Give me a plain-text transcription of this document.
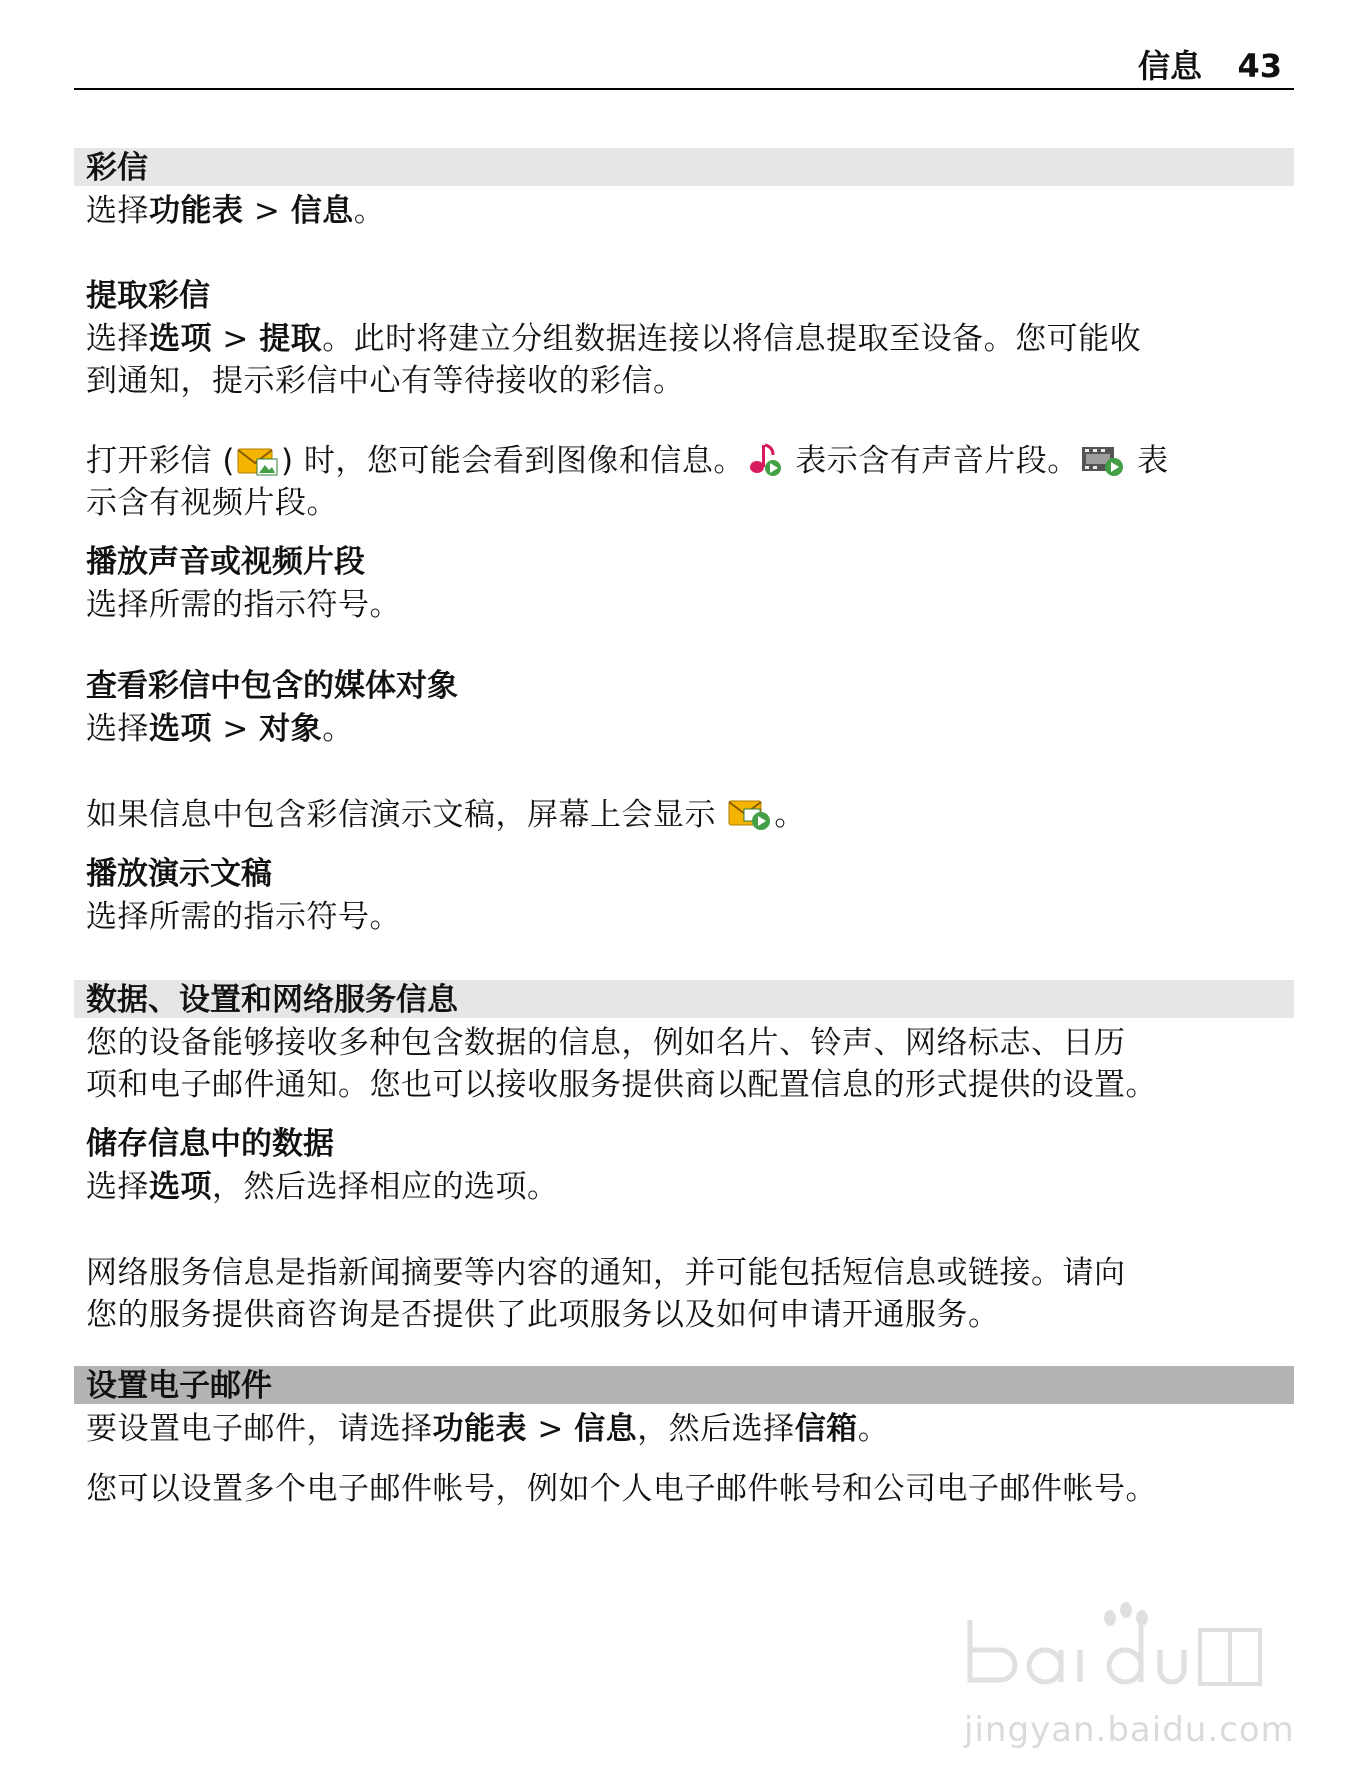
信息 43
彩信
选择功能表 > 信息。
提取彩信
选择选项 > 提取。此时将建立分组数据连接以将信息提取至设备。您可能收
到通知，提示彩信中心有等待接收的彩信。
打开彩信 ( ) 时，您可能会看到图像和信息。 表示含有声音片段。 表
示含有视频片段。
播放声音或视频片段
选择所需的指示符号。
查看彩信中包含的媒体对象
选择选项 > 对象。
如果信息中包含彩信演示文稿，屏幕上会显示 。
播放演示文稿
选择所需的指示符号。
数据、设置和网络服务信息
您的设备能够接收多种包含数据的信息，例如名片、铃声、网络标志、日历
项和电子邮件通知。您也可以接收服务提供商以配置信息的形式提供的设置。
储存信息中的数据
选择选项，然后选择相应的选项。
网络服务信息是指新闻摘要等内容的通知，并可能包括短信息或链接。请向
您的服务提供商咨询是否提供了此项服务以及如何申请开通服务。
设置电子邮件
要设置电子邮件，请选择功能表 > 信息，然后选择信箱。
您可以设置多个电子邮件帐号，例如个人电子邮件帐号和公司电子邮件帐号。
jingyan.baidu.com
